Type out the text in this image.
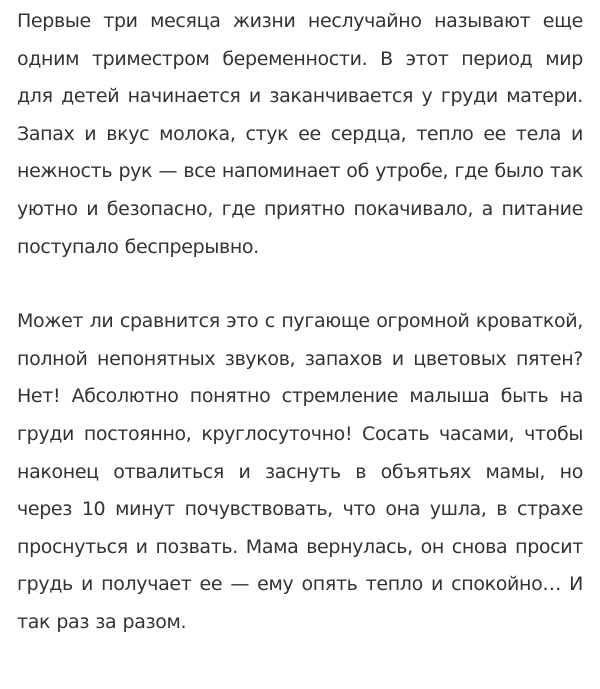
Первые три месяца жизни неслучайно называют еще одним триместром беременности. В этот период мир для детей начинается и заканчивается у груди матери. Запах и вкус молока, стук ее сердца, тепло ее тела и нежность рук — все напоминает об утробе, где было так уютно и безопасно, где приятно покачивало, а питание поступало беспрерывно.

Может ли сравнится это с пугающе огромной кроваткой, полной непонятных звуков, запахов и цветовых пятен? Нет! Абсолютно понятно стремление малыша быть на груди постоянно, круглосуточно! Сосать часами, чтобы наконец отвалиться и заснуть в объятьях мамы, но через 10 минут почувствовать, что она ушла, в страхе проснуться и позвать. Мама вернулась, он снова просит грудь и получает ее — ему опять тепло и спокойно… И так раз за разом.
